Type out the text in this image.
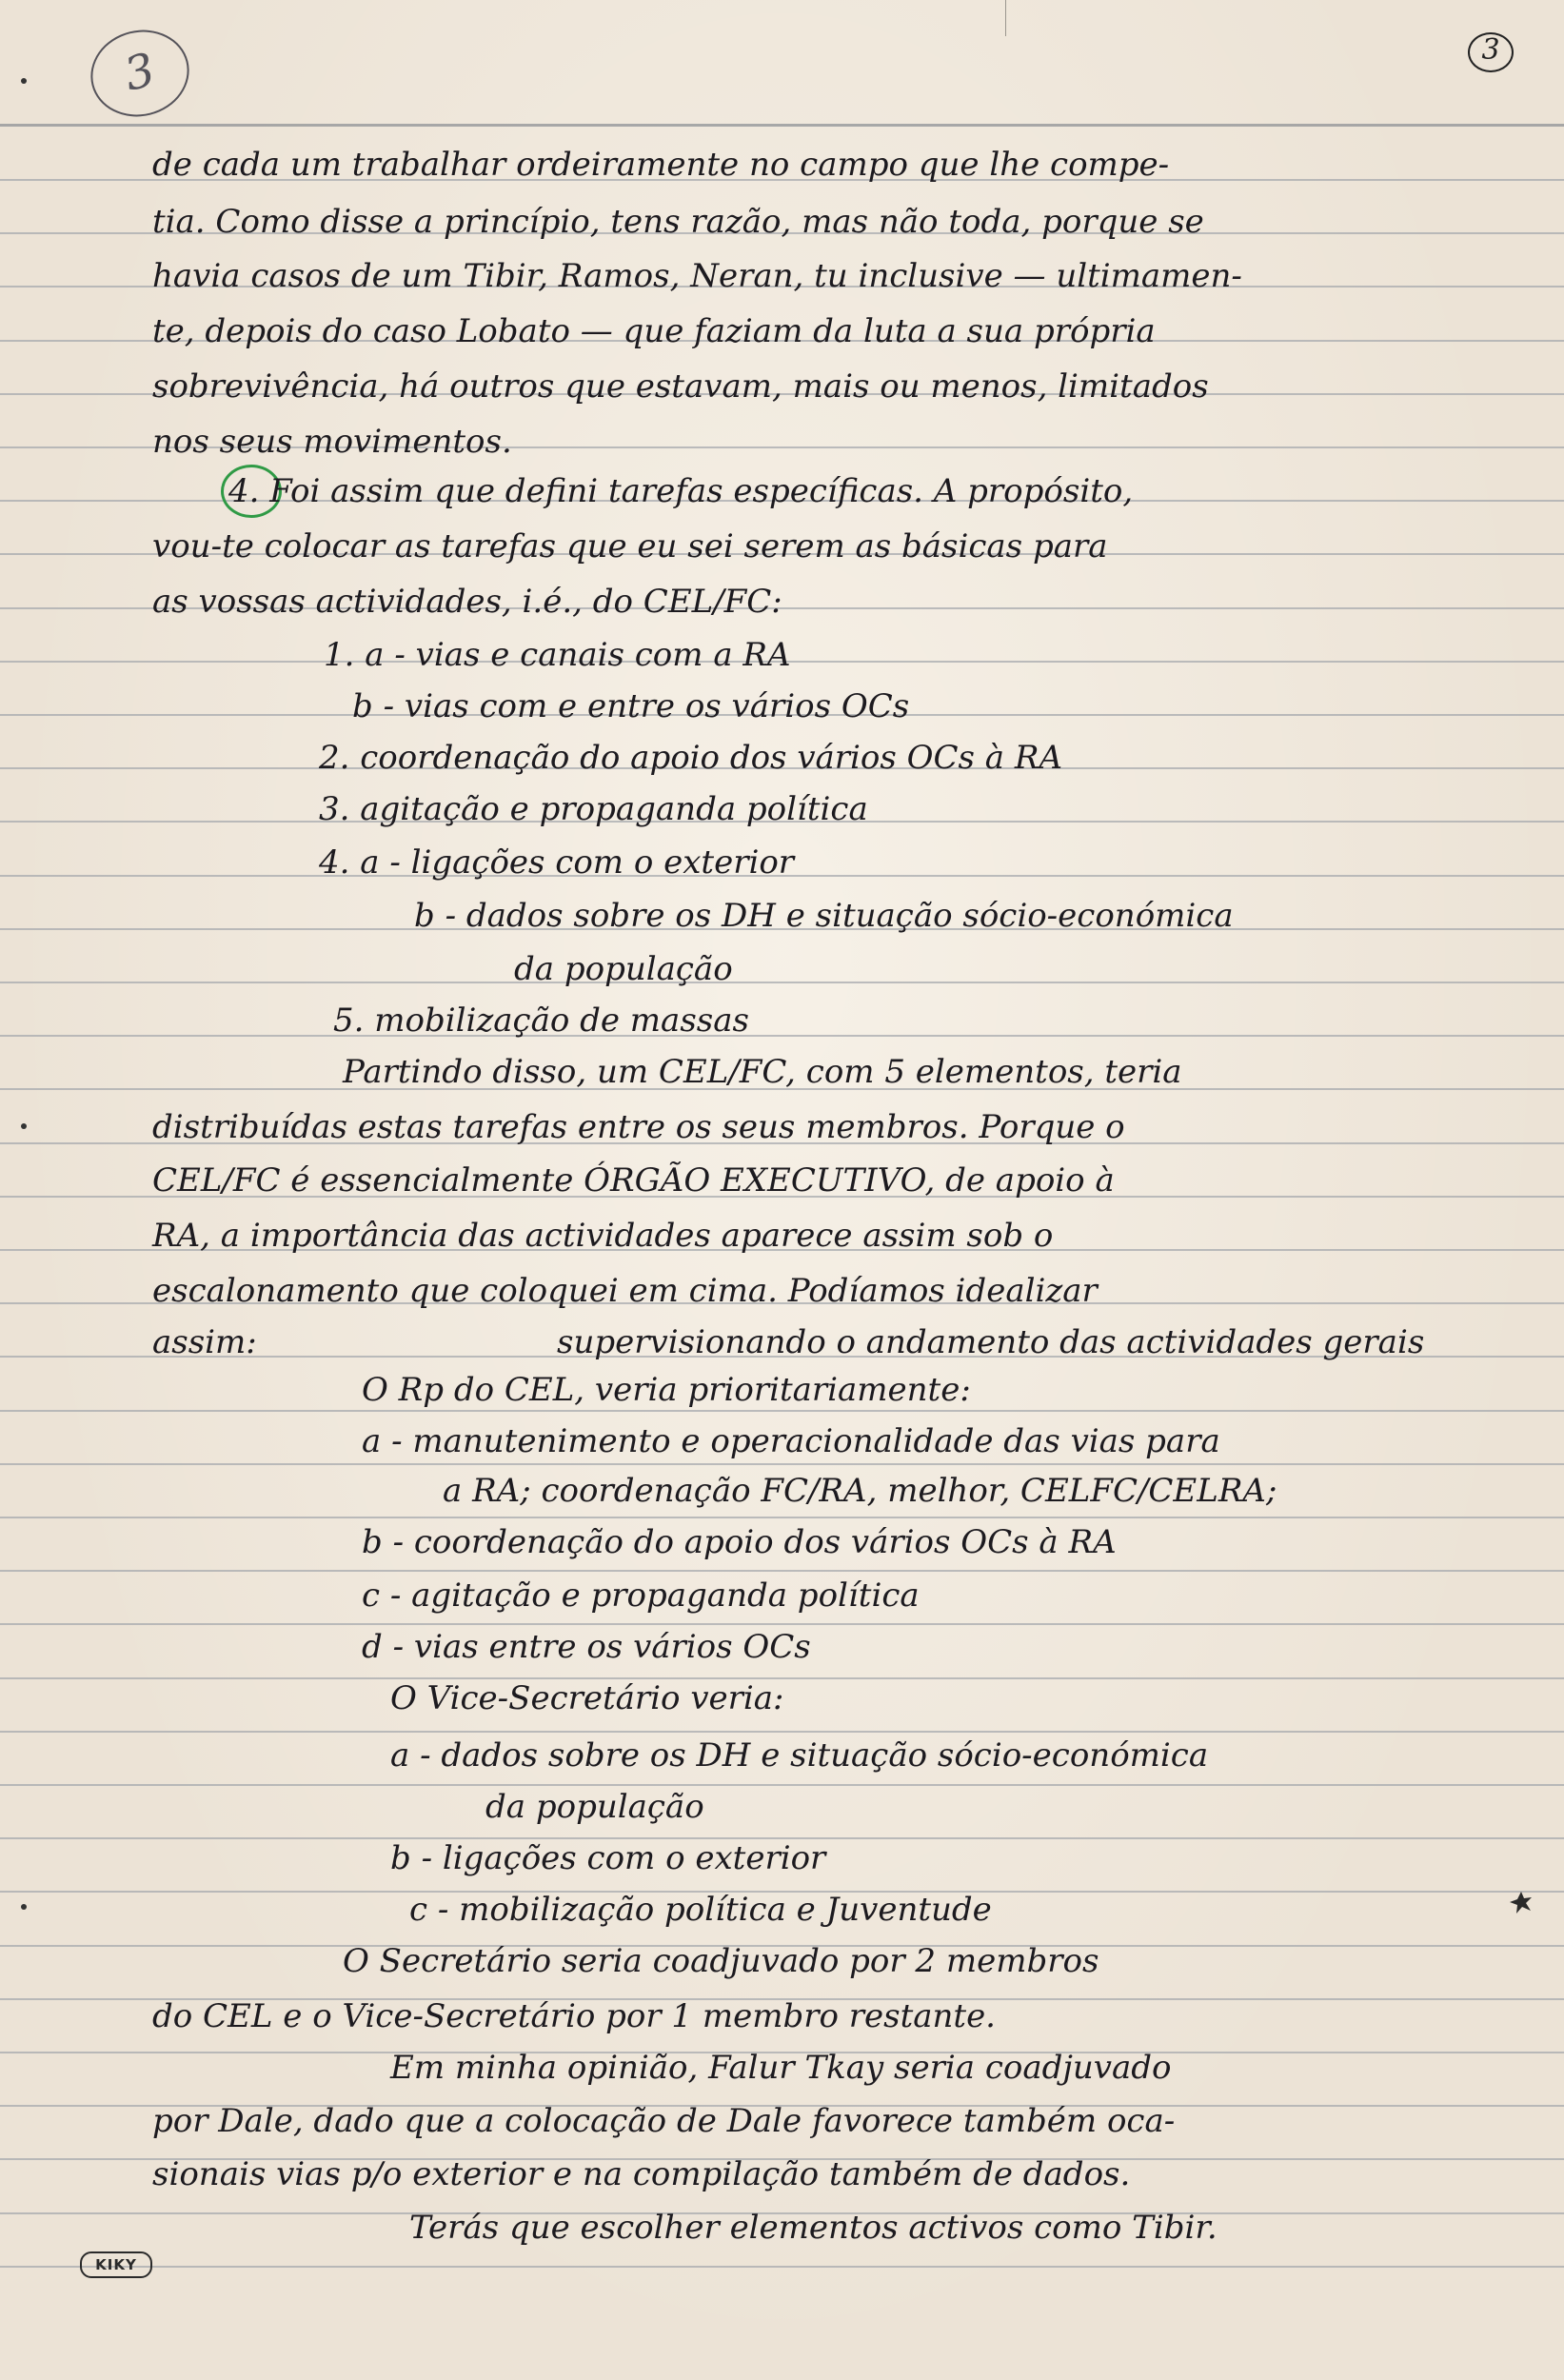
3	3
de cada um trabalhar ordeiramente no campo que lhe compe-
tia. Como disse a princípio, tens razão, mas não toda, porque se
havia casos de um Tibir, Ramos, Neran, tu inclusive — ultimamen-
te, depois do caso Lobato — que faziam da luta a sua própria
sobrevivência, há outros que estavam, mais ou menos, limitados
nos seus movimentos.
4. Foi assim que defini tarefas específicas. A propósito,
vou-te colocar as tarefas que eu sei serem as básicas para
as vossas actividades, i.é., do CEL/FC:
1. a - vias e canais com a RA
b - vias com e entre os vários OCs
2. coordenação do apoio dos vários OCs à RA
3. agitação e propaganda política
4. a - ligações com o exterior
b - dados sobre os DH e situação sócio-económica
da população
5. mobilização de massas
Partindo disso, um CEL/FC, com 5 elementos, teria
distribuídas estas tarefas entre os seus membros. Porque o
CEL/FC é essencialmente ÓRGÃO EXECUTIVO, de apoio à
RA, a importância das actividades aparece assim sob o
escalonamento que coloquei em cima. Podíamos idealizar
assim:	supervisionando o andamento das actividades gerais
O Rp do CEL, veria prioritariamente:
a - manutenimento e operacionalidade das vias para
a RA; coordenação FC/RA, melhor, CELFC/CELRA;
b - coordenação do apoio dos vários OCs à RA
c - agitação e propaganda política
d - vias entre os vários OCs
O Vice-Secretário veria:
a - dados sobre os DH e situação sócio-económica
da população
b - ligações com o exterior
c - mobilização política e Juventude
O Secretário seria coadjuvado por 2 membros
do CEL e o Vice-Secretário por 1 membro restante.
Em minha opinião, Falur Tkay seria coadjuvado
por Dale, dado que a colocação de Dale favorece também oca-
sionais vias p/o exterior e na compilação também de dados.
Terás que escolher elementos activos como Tibir.
KIKY
